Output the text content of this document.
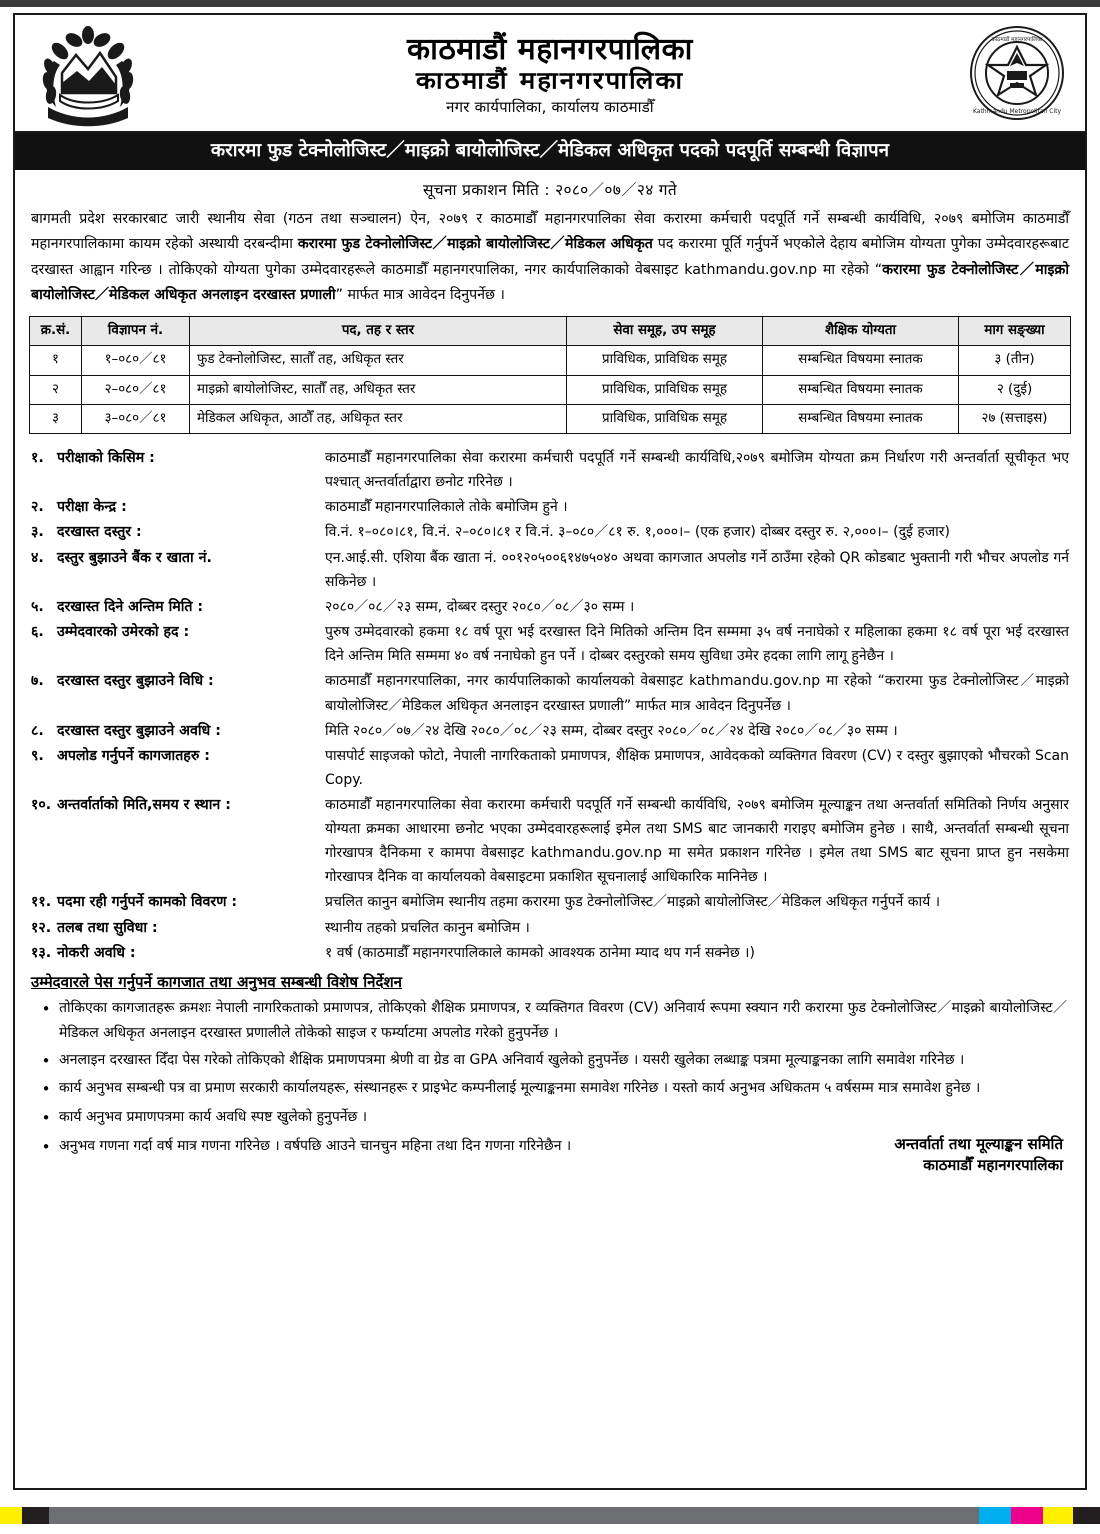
काठमाडौं महानगरपालिका
काठमाडौं महानगरपालिका
नगर कार्यपालिका, कार्यालय काठमाडौँ
काठमाडौं महानगरपालिका
Kathmandu Metropolitan City
करारमा फुड टेक्नोलोजिस्ट／माइक्रो बायोलोजिस्ट／मेडिकल अधिकृत पदको पदपूर्ति सम्बन्धी विज्ञापन
सूचना प्रकाशन मिति : २०८०／०७／२४ गते
बागमती प्रदेश सरकारबाट जारी स्थानीय सेवा (गठन तथा सञ्चालन) ऐन, २०७९ र काठमाडौँ महानगरपालिका सेवा करारमा कर्मचारी पदपूर्ति गर्ने सम्बन्धी कार्यविधि, २०७९ बमोजिम काठमाडौँ महानगरपालिकामा कायम रहेको अस्थायी दरबन्दीमा करारमा फुड टेक्नोलोजिस्ट／माइक्रो बायोलोजिस्ट／मेडिकल अधिकृत पद करारमा पूर्ति गर्नुपर्ने भएकोले देहाय बमोजिम योग्यता पुगेका उम्मेदवारहरूबाट दरखास्त आह्वान गरिन्छ । तोकिएको योग्यता पुगेका उम्मेदवारहरूले काठमाडौँ महानगरपालिका, नगर कार्यपालिकाको वेबसाइट kathmandu.gov.np मा रहेको “करारमा फुड टेक्नोलोजिस्ट／माइक्रो बायोलोजिस्ट／मेडिकल अधिकृत अनलाइन दरखास्त प्रणाली” मार्फत मात्र आवेदन दिनुपर्नेछ ।
क्र.सं.	विज्ञापन नं.	पद, तह र स्तर	सेवा समूह, उप समूह	शैक्षिक योग्यता	माग सङ्ख्या
१	१–०८०／८१	फुड टेक्नोलोजिस्ट, सातौँ तह, अधिकृत स्तर	प्राविधिक, प्राविधिक समूह	सम्बन्धित विषयमा स्नातक	३ (तीन)
२	२–०८०／८१	माइक्रो बायोलोजिस्ट, सातौँ तह, अधिकृत स्तर	प्राविधिक, प्राविधिक समूह	सम्बन्धित विषयमा स्नातक	२ (दुई)
३	३–०८०／८१	मेडिकल अधिकृत, आठौँ तह, अधिकृत स्तर	प्राविधिक, प्राविधिक समूह	सम्बन्धित विषयमा स्नातक	२७ (सत्ताइस)
१. परीक्षाको किसिम :	काठमाडौँ महानगरपालिका सेवा करारमा कर्मचारी पदपूर्ति गर्ने सम्बन्धी कार्यविधि,२०७९ बमोजिम योग्यता क्रम निर्धारण गरी अन्तर्वार्ता सूचीकृत भए पश्चात् अन्तर्वार्ताद्वारा छनोट गरिनेछ ।
२. परीक्षा केन्द्र :	काठमाडौँ महानगरपालिकाले तोके बमोजिम हुने ।
३. दरखास्त दस्तुर :	वि.नं. १–०८०।८१, वि.नं. २–०८०।८१ र वि.नं. ३–०८०／८१ रु. १,०००।– (एक हजार) दोब्बर दस्तुर रु. २,०००।– (दुई हजार)
४. दस्तुर बुझाउने बैंक र खाता नं.	एन.आई.सी. एशिया बैंक खाता नं. ००१२०५००६१४७५०४० अथवा कागजात अपलोड गर्ने ठाउँमा रहेको QR कोडबाट भुक्तानी गरी भौचर अपलोड गर्न सकिनेछ ।
५. दरखास्त दिने अन्तिम मिति :	२०८०／०८／२३ सम्म, दोब्बर दस्तुर २०८०／०८／३० सम्म ।
६. उम्मेदवारको उमेरको हद :	पुरुष उम्मेदवारको हकमा १८ वर्ष पूरा भई दरखास्त दिने मितिको अन्तिम दिन सम्ममा ३५ वर्ष ननाघेको र महिलाका हकमा १८ वर्ष पूरा भई दरखास्त दिने अन्तिम मिति सम्ममा ४० वर्ष ननाघेको हुन पर्ने । दोब्बर दस्तुरको समय सुविधा उमेर हदका लागि लागू हुनेछैन ।
७. दरखास्त दस्तुर बुझाउने विधि :	काठमाडौँ महानगरपालिका, नगर कार्यपालिकाको कार्यालयको वेबसाइट kathmandu.gov.np मा रहेको “करारमा फुड टेक्नोलोजिस्ट／माइक्रो बायोलोजिस्ट／मेडिकल अधिकृत अनलाइन दरखास्त प्रणाली” मार्फत मात्र आवेदन दिनुपर्नेछ ।
८. दरखास्त दस्तुर बुझाउने अवधि :	मिति २०८०／०७／२४ देखि २०८०／०८／२३ सम्म, दोब्बर दस्तुर २०८०／०८／२४ देखि २०८०／०८／३० सम्म ।
९. अपलोड गर्नुपर्ने कागजातहरु :	पासपोर्ट साइजको फोटो, नेपाली नागरिकताको प्रमाणपत्र, शैक्षिक प्रमाणपत्र, आवेदकको व्यक्तिगत विवरण (CV) र दस्तुर बुझाएको भौचरको Scan Copy.
१०. अन्तर्वार्ताको मिति,समय र स्थान :	काठमाडौँ महानगरपालिका सेवा करारमा कर्मचारी पदपूर्ति गर्ने सम्बन्धी कार्यविधि, २०७९ बमोजिम मूल्याङ्कन तथा अन्तर्वार्ता समितिको निर्णय अनुसार योग्यता क्रमका आधारमा छनोट भएका उम्मेदवारहरूलाई इमेल तथा SMS बाट जानकारी गराइए बमोजिम हुनेछ । साथै, अन्तर्वार्ता सम्बन्धी सूचना गोरखापत्र दैनिकमा र कामपा वेबसाइट kathmandu.gov.np मा समेत प्रकाशन गरिनेछ । इमेल तथा SMS बाट सूचना प्राप्त हुन नसकेमा गोरखापत्र दैनिक वा कार्यालयको वेबसाइटमा प्रकाशित सूचनालाई आधिकारिक मानिनेछ ।
११. पदमा रही गर्नुपर्ने कामको विवरण :	प्रचलित कानुन बमोजिम स्थानीय तहमा करारमा फुड टेक्नोलोजिस्ट／माइक्रो बायोलोजिस्ट／मेडिकल अधिकृत गर्नुपर्ने कार्य ।
१२. तलब तथा सुविधा :	स्थानीय तहको प्रचलित कानुन बमोजिम ।
१३. नोकरी अवधि :	१ वर्ष (काठमाडौँ महानगरपालिकाले कामको आवश्यक ठानेमा म्याद थप गर्न सक्नेछ ।)
उम्मेदवारले पेस गर्नुपर्ने कागजात तथा अनुभव सम्बन्धी विशेष निर्देशन
• तोकिएका कागजातहरू क्रमशः नेपाली नागरिकताको प्रमाणपत्र, तोकिएको शैक्षिक प्रमाणपत्र, र व्यक्तिगत विवरण (CV) अनिवार्य रूपमा स्क्यान गरी करारमा फुड टेक्नोलोजिस्ट／माइक्रो बायोलोजिस्ट／मेडिकल अधिकृत अनलाइन दरखास्त प्रणालीले तोकेको साइज र फर्म्याटमा अपलोड गरेको हुनुपर्नेछ ।
• अनलाइन दरखास्त दिँदा पेस गरेको तोकिएको शैक्षिक प्रमाणपत्रमा श्रेणी वा ग्रेड वा GPA अनिवार्य खुलेको हुनुपर्नेछ । यसरी खुलेका लब्धाङ्क पत्रमा मूल्याङ्कनका लागि समावेश गरिनेछ ।
• कार्य अनुभव सम्बन्धी पत्र वा प्रमाण सरकारी कार्यालयहरू, संस्थानहरू र प्राइभेट कम्पनीलाई मूल्याङ्कनमा समावेश गरिनेछ । यस्तो कार्य अनुभव अधिकतम ५ वर्षसम्म मात्र समावेश हुनेछ ।
• कार्य अनुभव प्रमाणपत्रमा कार्य अवधि स्पष्ट खुलेको हुनुपर्नेछ ।
• अनुभव गणना गर्दा वर्ष मात्र गणना गरिनेछ । वर्षपछि आउने चानचुन महिना तथा दिन गणना गरिनेछैन ।	अन्तर्वार्ता तथा मूल्याङ्कन समिति
काठमाडौँ महानगरपालिका
